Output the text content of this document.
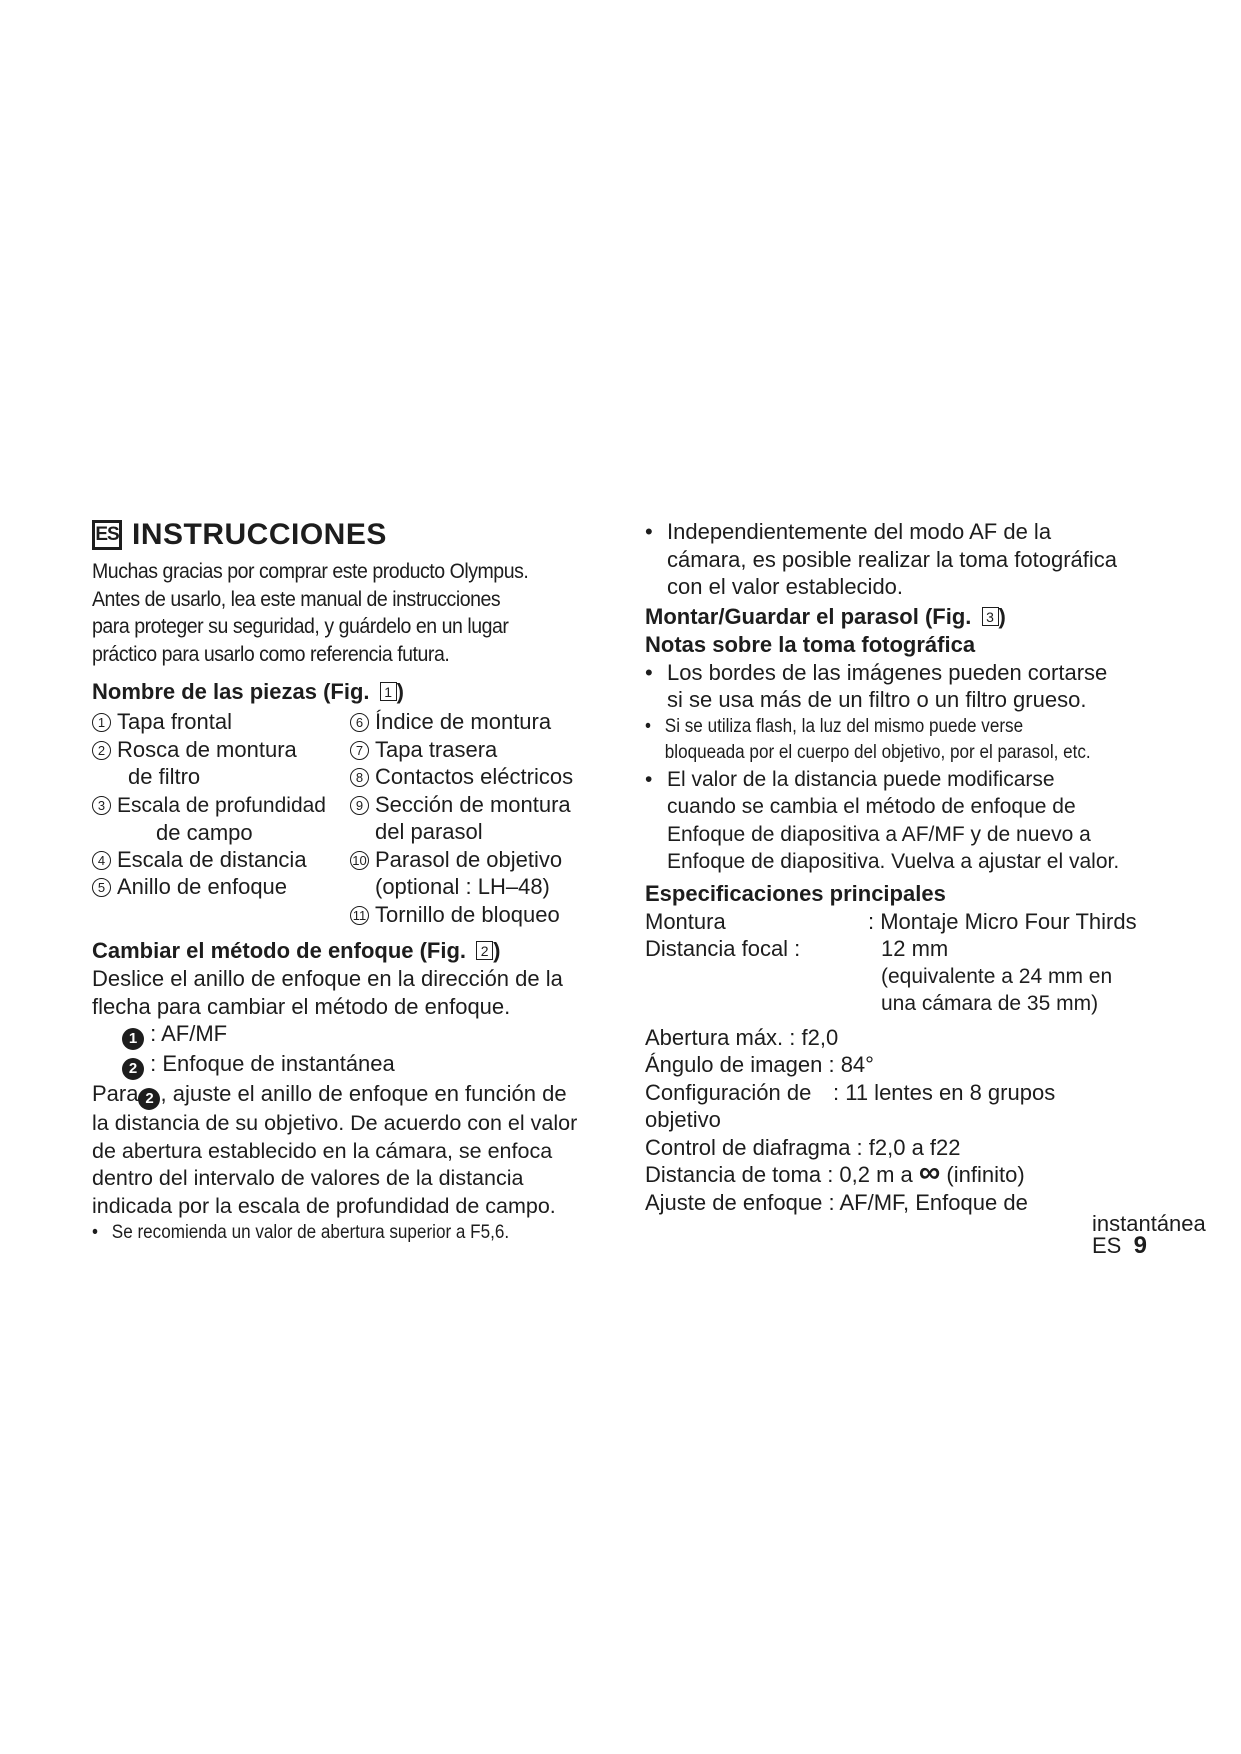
ES INSTRUCCIONES
Muchas gracias por comprar este producto Olympus.
Antes de usarlo, lea este manual de instrucciones
para proteger su seguridad, y guárdelo en un lugar
práctico para usarlo como referencia futura.
Nombre de las piezas (Fig. 1 )
1 Tapa frontal
2 Rosca de montura
de filtro
3 Escala de profundidad
de campo
4 Escala de distancia
5 Anillo de enfoque
6 Índice de montura
7 Tapa trasera
8 Contactos eléctricos
9 Sección de montura
del parasol
10 Parasol de objetivo
(optional : LH–48)
11 Tornillo de bloqueo
Cambiar el método de enfoque (Fig. 2 )
Deslice el anillo de enfoque en la dirección de la
flecha para cambiar el método de enfoque.
1 : AF/MF
2 : Enfoque de instantánea
Para 2 , ajuste el anillo de enfoque en función de
la distancia de su objetivo. De acuerdo con el valor
de abertura establecido en la cámara, se enfoca
dentro del intervalo de valores de la distancia
indicada por la escala de profundidad de campo.
• Se recomienda un valor de abertura superior a F5,6.
• Independientemente del modo AF de la
cámara, es posible realizar la toma fotográfica
con el valor establecido.
Montar/Guardar el parasol (Fig. 3 )
Notas sobre la toma fotográfica
• Los bordes de las imágenes pueden cortarse
si se usa más de un filtro o un filtro grueso.
• Si se utiliza flash, la luz del mismo puede verse
bloqueada por el cuerpo del objetivo, por el parasol, etc.
• El valor de la distancia puede modificarse
cuando se cambia el método de enfoque de
Enfoque de diapositiva a AF/MF y de nuevo a
Enfoque de diapositiva. Vuelva a ajustar el valor.
Especificaciones principales
Montura	: Montaje Micro Four Thirds
Distancia focal :	12 mm
(equivalente a 24 mm en
una cámara de 35 mm)
Abertura máx. : f2,0
Ángulo de imagen : 84°
Configuración de : 11 lentes en 8 grupos
objetivo
Control de diafragma : f2,0 a f22
Distancia de toma : 0,2 m a ∞ (infinito)
Ajuste de enfoque : AF/MF, Enfoque de
instantánea
ES 9
